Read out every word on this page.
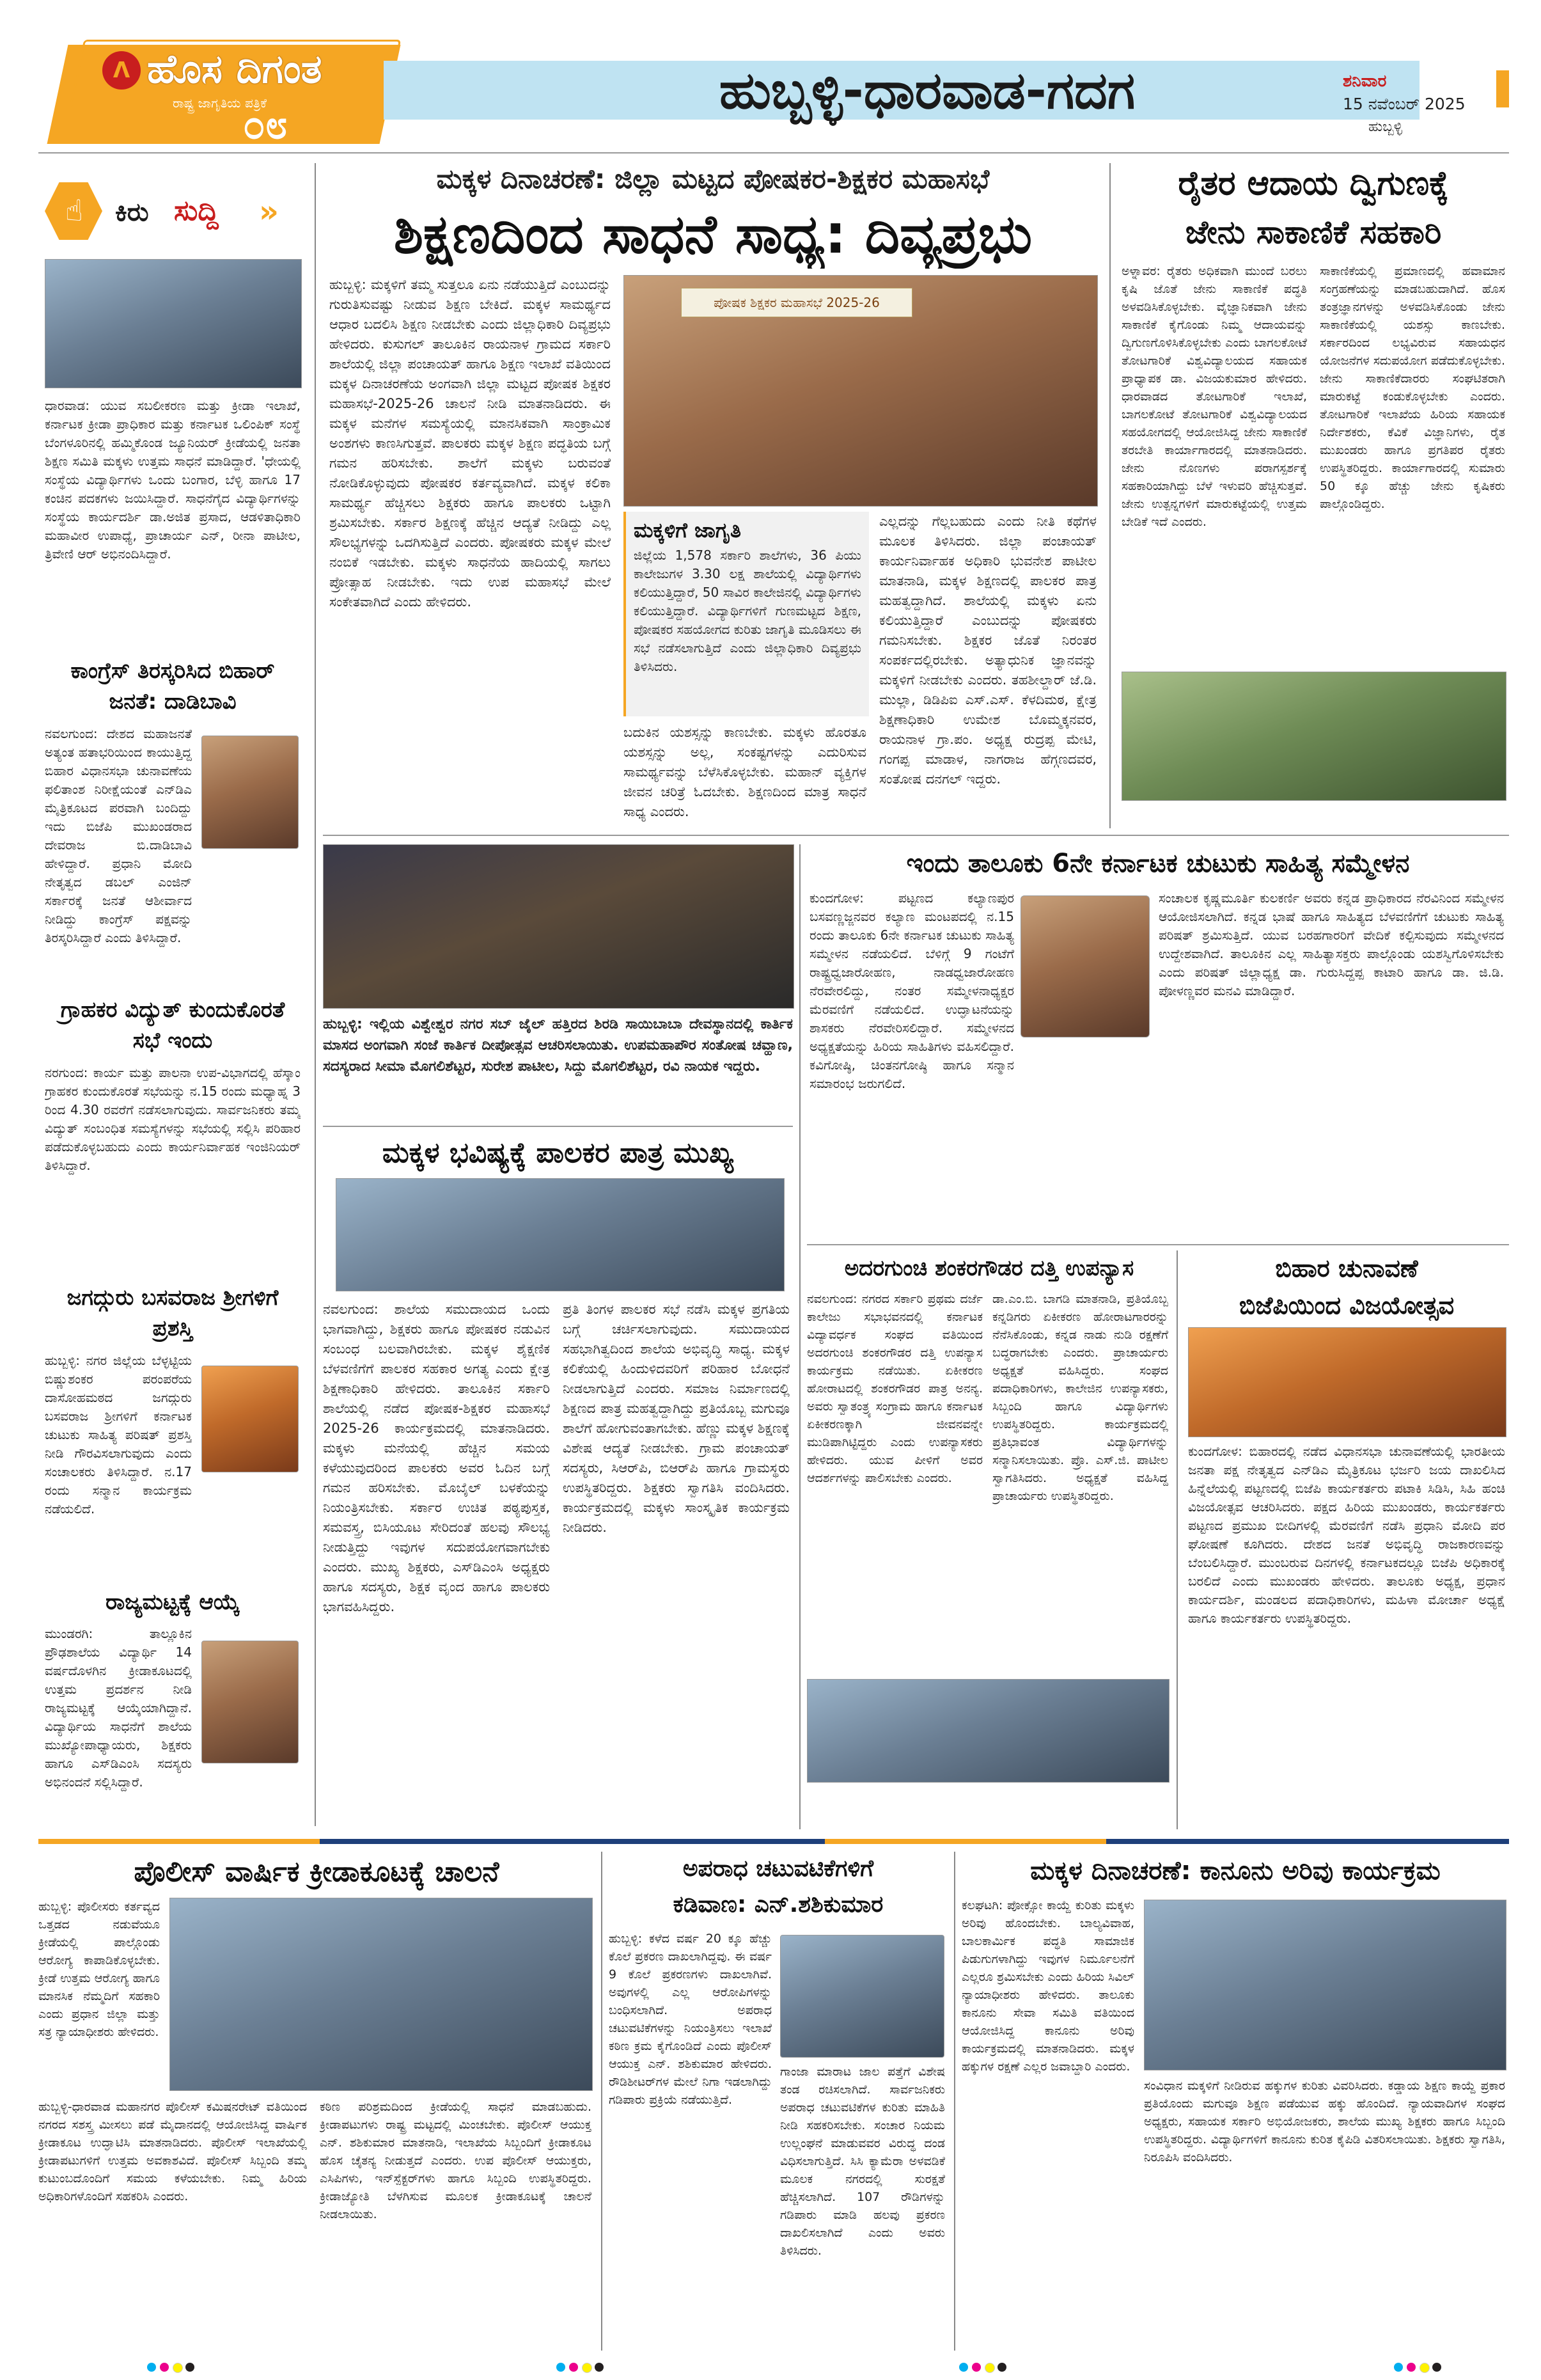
ᐱ ಹೊಸ ದಿಗಂತ
ರಾಷ್ಟ್ರ ಜಾಗೃತಿಯ ಪತ್ರಿಕೆ
೦೮
ಹುಬ್ಬಳ್ಳಿ-ಧಾರವಾಡ-ಗದಗ	ಶನಿವಾರ
15 ನವೆಂಬರ್ 2025
ಹುಬ್ಬಳ್ಳಿ
☝ ಕಿರು ಸುದ್ದಿ	»
ಧಾರವಾಡ: ಯುವ ಸಬಲೀಕರಣ ಮತ್ತು ಕ್ರೀಡಾ ಇಲಾಖೆ, ಕರ್ನಾಟಕ ಕ್ರೀಡಾ ಪ್ರಾಧಿಕಾರ ಮತ್ತು ಕರ್ನಾಟಕ ಒಲಿಂಪಿಕ್ ಸಂಸ್ಥೆ ಬೆಂಗಳೂರಿನಲ್ಲಿ ಹಮ್ಮಿಕೊಂಡ ಜ್ಯೂನಿಯರ್ ಕ್ರೀಡೆಯಲ್ಲಿ ಜನತಾ ಶಿಕ್ಷಣ ಸಮಿತಿ ಮಕ್ಕಳು ಉತ್ತಮ ಸಾಧನೆ ಮಾಡಿದ್ದಾರೆ. 'ಧೇಯಲ್ಲಿ ಸಂಸ್ಥೆಯ ವಿದ್ಯಾರ್ಥಿಗಳು ಒಂದು ಬಂಗಾರ, ಬೆಳ್ಳಿ ಹಾಗೂ 17 ಕಂಚಿನ ಪದಕಗಳು ಜಯಿಸಿದ್ದಾರೆ. ಸಾಧನೆಗೈದ ವಿದ್ಯಾರ್ಥಿಗಳನ್ನು ಸಂಸ್ಥೆಯ ಕಾರ್ಯದರ್ಶಿ ಡಾ.ಅಜಿತ ಪ್ರಸಾದ, ಆಡಳಿತಾಧಿಕಾರಿ ಮಹಾವೀರ ಉಪಾಧ್ಯೆ, ಪ್ರಾಚಾರ್ಯ ಎನ್, ರೀನಾ ಪಾಟೀಲ, ತ್ರಿವೇಣಿ ಆರ್ ಅಭಿನಂದಿಸಿದ್ದಾರೆ.
ಕಾಂಗ್ರೆಸ್ ತಿರಸ್ಕರಿಸಿದ ಬಿಹಾರ್ ಜನತೆ: ದಾಡಿಬಾವಿ
ನವಲಗುಂದ: ದೇಶದ ಮಹಾಜನತೆ ಅತ್ಯಂತ ಹತಾಭರಿಯಿಂದ ಕಾಯುತ್ತಿದ್ದ ಬಿಹಾರ ವಿಧಾನಸಭಾ ಚುನಾವಣೆಯ ಫಲಿತಾಂಶ ನಿರೀಕ್ಷೆಯಂತೆ ಎನ್‌ಡಿಎ ಮೈತ್ರಿಕೂಟದ ಪರವಾಗಿ ಬಂದಿದ್ದು ಇದು ಬಿಜೆಪಿ ಮುಖಂಡರಾದ ದೇವರಾಜ ಬಿ.ದಾಡಿಬಾವಿ ಹೇಳಿದ್ದಾರೆ. ಪ್ರಧಾನಿ ಮೋದಿ ನೇತೃತ್ವದ ಡಬಲ್ ಎಂಜಿನ್ ಸರ್ಕಾರಕ್ಕೆ ಜನತೆ ಆಶೀರ್ವಾದ ನೀಡಿದ್ದು ಕಾಂಗ್ರೆಸ್ ಪಕ್ಷವನ್ನು ತಿರಸ್ಕರಿಸಿದ್ದಾರೆ ಎಂದು ತಿಳಿಸಿದ್ದಾರೆ.
ಗ್ರಾಹಕರ ವಿದ್ಯುತ್ ಕುಂದುಕೊರತೆ ಸಭೆ ಇಂದು
ನರಗುಂದ: ಕಾರ್ಯ ಮತ್ತು ಪಾಲನಾ ಉಪ-ವಿಭಾಗದಲ್ಲಿ ಹೆಸ್ಕಾಂ ಗ್ರಾಹಕರ ಕುಂದುಕೊರತೆ ಸಭೆಯನ್ನು ನ.15 ರಂದು ಮಧ್ಯಾಹ್ನ 3 ರಿಂದ 4.30 ರವರೆಗೆ ನಡೆಸಲಾಗುವುದು. ಸಾರ್ವಜನಿಕರು ತಮ್ಮ ವಿದ್ಯುತ್ ಸಂಬಂಧಿತ ಸಮಸ್ಯೆಗಳನ್ನು ಸಭೆಯಲ್ಲಿ ಸಲ್ಲಿಸಿ ಪರಿಹಾರ ಪಡೆದುಕೊಳ್ಳಬಹುದು ಎಂದು ಕಾರ್ಯನಿರ್ವಾಹಕ ಇಂಜಿನಿಯರ್ ತಿಳಿಸಿದ್ದಾರೆ.
ಜಗದ್ಗುರು ಬಸವರಾಜ ಶ್ರೀಗಳಿಗೆ ಪ್ರಶಸ್ತಿ
ಹುಬ್ಬಳ್ಳಿ: ನಗರ ಜಿಲ್ಲೆಯ ಬೆಳ್ಳಟ್ಟಿಯ ಬಿಷ್ಣುಶಂಕರ ಪರಂಪರೆಯ ದಾಸೋಹಮಠದ ಜಗದ್ಗುರು ಬಸವರಾಜ ಶ್ರೀಗಳಿಗೆ ಕರ್ನಾಟಕ ಚುಟುಕು ಸಾಹಿತ್ಯ ಪರಿಷತ್ ಪ್ರಶಸ್ತಿ ನೀಡಿ ಗೌರವಿಸಲಾಗುವುದು ಎಂದು ಸಂಚಾಲಕರು ತಿಳಿಸಿದ್ದಾರೆ. ನ.17 ರಂದು ಸನ್ಮಾನ ಕಾರ್ಯಕ್ರಮ ನಡೆಯಲಿದೆ.
ರಾಜ್ಯಮಟ್ಟಕ್ಕೆ ಆಯ್ಕೆ
ಮುಂಡರಗಿ: ತಾಲ್ಲೂಕಿನ ಪ್ರೌಢಶಾಲೆಯ ವಿದ್ಯಾರ್ಥಿ 14 ವರ್ಷದೊಳಗಿನ ಕ್ರೀಡಾಕೂಟದಲ್ಲಿ ಉತ್ತಮ ಪ್ರದರ್ಶನ ನೀಡಿ ರಾಜ್ಯಮಟ್ಟಕ್ಕೆ ಆಯ್ಕೆಯಾಗಿದ್ದಾನೆ. ವಿದ್ಯಾರ್ಥಿಯ ಸಾಧನೆಗೆ ಶಾಲೆಯ ಮುಖ್ಯೋಪಾಧ್ಯಾಯರು, ಶಿಕ್ಷಕರು ಹಾಗೂ ಎಸ್‌ಡಿಎಂಸಿ ಸದಸ್ಯರು ಅಭಿನಂದನೆ ಸಲ್ಲಿಸಿದ್ದಾರೆ.
ಮಕ್ಕಳ ದಿನಾಚರಣೆ: ಜಿಲ್ಲಾ ಮಟ್ಟದ ಪೋಷಕರ-ಶಿಕ್ಷಕರ ಮಹಾಸಭೆ
ಶಿಕ್ಷಣದಿಂದ ಸಾಧನೆ ಸಾಧ್ಯ: ದಿವ್ಯಪ್ರಭು
ಹುಬ್ಬಳ್ಳಿ: ಮಕ್ಕಳಿಗೆ ತಮ್ಮ ಸುತ್ತಲೂ ಏನು ನಡೆಯುತ್ತಿದೆ ಎಂಬುದನ್ನು ಗುರುತಿಸುವಷ್ಟು ನೀಡುವ ಶಿಕ್ಷಣ ಬೇಕಿದೆ. ಮಕ್ಕಳ ಸಾಮರ್ಥ್ಯದ ಆಧಾರ ಬದಲಿಸಿ ಶಿಕ್ಷಣ ನೀಡಬೇಕು ಎಂದು ಜಿಲ್ಲಾಧಿಕಾರಿ ದಿವ್ಯಪ್ರಭು ಹೇಳಿದರು. ಕುಸುಗಲ್ ತಾಲೂಕಿನ ರಾಯನಾಳ ಗ್ರಾಮದ ಸರ್ಕಾರಿ ಶಾಲೆಯಲ್ಲಿ ಜಿಲ್ಲಾ ಪಂಚಾಯತ್ ಹಾಗೂ ಶಿಕ್ಷಣ ಇಲಾಖೆ ವತಿಯಿಂದ ಮಕ್ಕಳ ದಿನಾಚರಣೆಯ ಅಂಗವಾಗಿ ಜಿಲ್ಲಾ ಮಟ್ಟದ ಪೋಷಕ ಶಿಕ್ಷಕರ ಮಹಾಸಭೆ-2025-26 ಚಾಲನೆ ನೀಡಿ ಮಾತನಾಡಿದರು. ಈ ಮಕ್ಕಳ ಮನೆಗಳ ಸಮಸ್ಯೆಯಲ್ಲಿ ಮಾನಸಿಕವಾಗಿ ಸಾಂಕ್ರಾಮಿಕ ಅಂಶಗಳು ಕಾಣಸಿಗುತ್ತವೆ. ಪಾಲಕರು ಮಕ್ಕಳ ಶಿಕ್ಷಣ ಪದ್ಧತಿಯ ಬಗ್ಗೆ ಗಮನ ಹರಿಸಬೇಕು. ಶಾಲೆಗೆ ಮಕ್ಕಳು ಬರುವಂತೆ ನೋಡಿಕೊಳ್ಳುವುದು ಪೋಷಕರ ಕರ್ತವ್ಯವಾಗಿದೆ. ಮಕ್ಕಳ ಕಲಿಕಾ ಸಾಮರ್ಥ್ಯ ಹೆಚ್ಚಿಸಲು ಶಿಕ್ಷಕರು ಹಾಗೂ ಪಾಲಕರು ಒಟ್ಟಾಗಿ ಶ್ರಮಿಸಬೇಕು. ಸರ್ಕಾರ ಶಿಕ್ಷಣಕ್ಕೆ ಹೆಚ್ಚಿನ ಆದ್ಯತೆ ನೀಡಿದ್ದು ಎಲ್ಲ ಸೌಲಭ್ಯಗಳನ್ನು ಒದಗಿಸುತ್ತಿದೆ ಎಂದರು. ಪೋಷಕರು ಮಕ್ಕಳ ಮೇಲೆ ನಂಬಿಕೆ ಇಡಬೇಕು. ಮಕ್ಕಳು ಸಾಧನೆಯ ಹಾದಿಯಲ್ಲಿ ಸಾಗಲು ಪ್ರೋತ್ಸಾಹ ನೀಡಬೇಕು. ಇದು ಉಪ ಮಹಾಸಭೆ ಮೇಲೆ ಸಂಕೇತವಾಗಿದೆ ಎಂದು ಹೇಳಿದರು.
ಪೋಷಕ ಶಿಕ್ಷಕರ ಮಹಾಸಭೆ 2025-26
ಮಕ್ಕಳಿಗೆ ಜಾಗೃತಿ
ಜಿಲ್ಲೆಯ 1,578 ಸರ್ಕಾರಿ ಶಾಲೆಗಳು, 36 ಪಿಯು ಕಾಲೇಜುಗಳ 3.30 ಲಕ್ಷ ಶಾಲೆಯಲ್ಲಿ ವಿದ್ಯಾರ್ಥಿಗಳು ಕಲಿಯುತ್ತಿದ್ದಾರೆ, 50 ಸಾವಿರ ಕಾಲೇಜಿನಲ್ಲಿ ವಿದ್ಯಾರ್ಥಿಗಳು ಕಲಿಯುತ್ತಿದ್ದಾರೆ. ವಿದ್ಯಾರ್ಥಿಗಳಿಗೆ ಗುಣಮಟ್ಟದ ಶಿಕ್ಷಣ, ಪೋಷಕರ ಸಹಯೋಗದ ಕುರಿತು ಜಾಗೃತಿ ಮೂಡಿಸಲು ಈ ಸಭೆ ನಡೆಸಲಾಗುತ್ತಿದೆ ಎಂದು ಜಿಲ್ಲಾಧಿಕಾರಿ ದಿವ್ಯಪ್ರಭು ತಿಳಿಸಿದರು.
ಎಲ್ಲದನ್ನು ಗೆಲ್ಲಬಹುದು ಎಂದು ನೀತಿ ಕಥೆಗಳ ಮೂಲಕ ತಿಳಿಸಿದರು. ಜಿಲ್ಲಾ ಪಂಚಾಯತ್ ಕಾರ್ಯನಿರ್ವಾಹಕ ಅಧಿಕಾರಿ ಭುವನೇಶ ಪಾಟೀಲ ಮಾತನಾಡಿ, ಮಕ್ಕಳ ಶಿಕ್ಷಣದಲ್ಲಿ ಪಾಲಕರ ಪಾತ್ರ ಮಹತ್ವದ್ದಾಗಿದೆ. ಶಾಲೆಯಲ್ಲಿ ಮಕ್ಕಳು ಏನು ಕಲಿಯುತ್ತಿದ್ದಾರೆ ಎಂಬುದನ್ನು ಪೋಷಕರು ಗಮನಿಸಬೇಕು. ಶಿಕ್ಷಕರ ಜೊತೆ ನಿರಂತರ ಸಂಪರ್ಕದಲ್ಲಿರಬೇಕು. ಅತ್ಯಾಧುನಿಕ ಜ್ಞಾನವನ್ನು ಮಕ್ಕಳಿಗೆ ನೀಡಬೇಕು ಎಂದರು. ತಹಶೀಲ್ದಾರ್ ಜೆ.ಡಿ. ಮುಲ್ಲಾ, ಡಿಡಿಪಿಐ ಎಸ್.ಎಸ್. ಕೆಳದಿಮಠ, ಕ್ಷೇತ್ರ ಶಿಕ್ಷಣಾಧಿಕಾರಿ ಉಮೇಶ ಬೊಮ್ಮಕ್ಕನವರ, ರಾಯನಾಳ ಗ್ರಾ.ಪಂ. ಅಧ್ಯಕ್ಷ ರುದ್ರಪ್ಪ ಮೇಟಿ, ಗಂಗಪ್ಪ ಮಾಡಾಳ, ನಾಗರಾಜ ಹೆಗ್ಗಣದವರ, ಸಂತೋಷ ದನಗಲ್ ಇದ್ದರು.
ಬದುಕಿನ ಯಶಸ್ಸನ್ನು ಕಾಣಬೇಕು. ಮಕ್ಕಳು ಹೊರತೂ ಯಶಸ್ಸನ್ನು ಅಲ್ಲ, ಸಂಕಷ್ಟಗಳನ್ನು ಎದುರಿಸುವ ಸಾಮರ್ಥ್ಯವನ್ನು ಬೆಳೆಸಿಕೊಳ್ಳಬೇಕು. ಮಹಾನ್ ವ್ಯಕ್ತಿಗಳ ಜೀವನ ಚರಿತ್ರೆ ಓದಬೇಕು. ಶಿಕ್ಷಣದಿಂದ ಮಾತ್ರ ಸಾಧನೆ ಸಾಧ್ಯ ಎಂದರು.
ರೈತರ ಆದಾಯ ದ್ವಿಗುಣಕ್ಕೆ
ಜೇನು ಸಾಕಾಣಿಕೆ ಸಹಕಾರಿ
ಅಳ್ನಾವರ: ರೈತರು ಅಧಿಕವಾಗಿ ಮುಂದೆ ಬರಲು ಕೃಷಿ ಜೊತೆ ಜೇನು ಸಾಕಾಣಿಕೆ ಪದ್ಧತಿ ಅಳವಡಿಸಿಕೊಳ್ಳಬೇಕು. ವೈಜ್ಞಾನಿಕವಾಗಿ ಜೇನು ಸಾಕಾಣಿಕೆ ಕೈಗೊಂಡು ನಿಮ್ಮ ಆದಾಯವನ್ನು ದ್ವಿಗುಣಗೊಳಿಸಿಕೊಳ್ಳಬೇಕು ಎಂದು ಬಾಗಲಕೋಟೆ ತೋಟಗಾರಿಕೆ ವಿಶ್ವವಿದ್ಯಾಲಯದ ಸಹಾಯಕ ಪ್ರಾಧ್ಯಾಪಕ ಡಾ. ವಿಜಯಕುಮಾರ ಹೇಳಿದರು. ಧಾರವಾಡದ ತೋಟಗಾರಿಕೆ ಇಲಾಖೆ, ಬಾಗಲಕೋಟೆ ತೋಟಗಾರಿಕೆ ವಿಶ್ವವಿದ್ಯಾಲಯದ ಸಹಯೋಗದಲ್ಲಿ ಆಯೋಜಿಸಿದ್ದ ಜೇನು ಸಾಕಾಣಿಕೆ ತರಬೇತಿ ಕಾರ್ಯಾಗಾರದಲ್ಲಿ ಮಾತನಾಡಿದರು. ಜೇನು ನೊಣಗಳು ಪರಾಗಸ್ಪರ್ಶಕ್ಕೆ ಸಹಕಾರಿಯಾಗಿದ್ದು ಬೆಳೆ ಇಳುವರಿ ಹೆಚ್ಚಿಸುತ್ತವೆ. ಜೇನು ಉತ್ಪನ್ನಗಳಿಗೆ ಮಾರುಕಟ್ಟೆಯಲ್ಲಿ ಉತ್ತಮ ಬೇಡಿಕೆ ಇದೆ ಎಂದರು.
ಸಾಕಾಣಿಕೆಯಲ್ಲಿ ಪ್ರಮಾಣದಲ್ಲಿ ಹವಾಮಾನ ಸಂಗ್ರಹಣೆಯನ್ನು ಮಾಡಬಹುದಾಗಿದೆ. ಹೊಸ ತಂತ್ರಜ್ಞಾನಗಳನ್ನು ಅಳವಡಿಸಿಕೊಂಡು ಜೇನು ಸಾಕಾಣಿಕೆಯಲ್ಲಿ ಯಶಸ್ಸು ಕಾಣಬೇಕು. ಸರ್ಕಾರದಿಂದ ಲಭ್ಯವಿರುವ ಸಹಾಯಧನ ಯೋಜನೆಗಳ ಸದುಪಯೋಗ ಪಡೆದುಕೊಳ್ಳಬೇಕು. ಜೇನು ಸಾಕಾಣಿಕೆದಾರರು ಸಂಘಟಿತರಾಗಿ ಮಾರುಕಟ್ಟೆ ಕಂಡುಕೊಳ್ಳಬೇಕು ಎಂದರು. ತೋಟಗಾರಿಕೆ ಇಲಾಖೆಯ ಹಿರಿಯ ಸಹಾಯಕ ನಿರ್ದೇಶಕರು, ಕೆವಿಕೆ ವಿಜ್ಞಾನಿಗಳು, ರೈತ ಮುಖಂಡರು ಹಾಗೂ ಪ್ರಗತಿಪರ ರೈತರು ಉಪಸ್ಥಿತರಿದ್ದರು. ಕಾರ್ಯಾಗಾರದಲ್ಲಿ ಸುಮಾರು 50 ಕ್ಕೂ ಹೆಚ್ಚು ಜೇನು ಕೃಷಿಕರು ಪಾಲ್ಗೊಂಡಿದ್ದರು.
ಹುಬ್ಬಳ್ಳಿ: ಇಲ್ಲಿಯ ವಿಶ್ವೇಶ್ವರ ನಗರ ಸಬ್ ಜೈಲ್ ಹತ್ತಿರದ ಶಿರಡಿ ಸಾಯಿಬಾಬಾ ದೇವಸ್ಥಾನದಲ್ಲಿ ಕಾರ್ತಿಕ ಮಾಸದ ಅಂಗವಾಗಿ ಸಂಜೆ ಕಾರ್ತಿಕ ದೀಪೋತ್ಸವ ಆಚರಿಸಲಾಯಿತು. ಉಪಮಹಾಪೌರ ಸಂತೋಷ ಚವ್ಹಾಣ, ಸದಸ್ಯರಾದ ಸೀಮಾ ಮೊಗಲಿಶೆಟ್ಟರ, ಸುರೇಶ ಪಾಟೀಲ, ಸಿದ್ದು ಮೊಗಲಿಶೆಟ್ಟರ, ರವಿ ನಾಯಕ ಇದ್ದರು.
ಮಕ್ಕಳ ಭವಿಷ್ಯಕ್ಕೆ ಪಾಲಕರ ಪಾತ್ರ ಮುಖ್ಯ
ನವಲಗುಂದ: ಶಾಲೆಯ ಸಮುದಾಯದ ಒಂದು ಭಾಗವಾಗಿದ್ದು, ಶಿಕ್ಷಕರು ಹಾಗೂ ಪೋಷಕರ ನಡುವಿನ ಸಂಬಂಧ ಬಲವಾಗಿರಬೇಕು. ಮಕ್ಕಳ ಶೈಕ್ಷಣಿಕ ಬೆಳವಣಿಗೆಗೆ ಪಾಲಕರ ಸಹಕಾರ ಅಗತ್ಯ ಎಂದು ಕ್ಷೇತ್ರ ಶಿಕ್ಷಣಾಧಿಕಾರಿ ಹೇಳಿದರು. ತಾಲೂಕಿನ ಸರ್ಕಾರಿ ಶಾಲೆಯಲ್ಲಿ ನಡೆದ ಪೋಷಕ-ಶಿಕ್ಷಕರ ಮಹಾಸಭೆ 2025-26 ಕಾರ್ಯಕ್ರಮದಲ್ಲಿ ಮಾತನಾಡಿದರು. ಮಕ್ಕಳು ಮನೆಯಲ್ಲಿ ಹೆಚ್ಚಿನ ಸಮಯ ಕಳೆಯುವುದರಿಂದ ಪಾಲಕರು ಅವರ ಓದಿನ ಬಗ್ಗೆ ಗಮನ ಹರಿಸಬೇಕು. ಮೊಬೈಲ್ ಬಳಕೆಯನ್ನು ನಿಯಂತ್ರಿಸಬೇಕು. ಸರ್ಕಾರ ಉಚಿತ ಪಠ್ಯಪುಸ್ತಕ, ಸಮವಸ್ತ್ರ, ಬಿಸಿಯೂಟ ಸೇರಿದಂತೆ ಹಲವು ಸೌಲಭ್ಯ ನೀಡುತ್ತಿದ್ದು ಇವುಗಳ ಸದುಪಯೋಗವಾಗಬೇಕು ಎಂದರು. ಮುಖ್ಯ ಶಿಕ್ಷಕರು, ಎಸ್‌ಡಿಎಂಸಿ ಅಧ್ಯಕ್ಷರು ಹಾಗೂ ಸದಸ್ಯರು, ಶಿಕ್ಷಕ ವೃಂದ ಹಾಗೂ ಪಾಲಕರು ಭಾಗವಹಿಸಿದ್ದರು.
ಪ್ರತಿ ತಿಂಗಳ ಪಾಲಕರ ಸಭೆ ನಡೆಸಿ ಮಕ್ಕಳ ಪ್ರಗತಿಯ ಬಗ್ಗೆ ಚರ್ಚಿಸಲಾಗುವುದು. ಸಮುದಾಯದ ಸಹಭಾಗಿತ್ವದಿಂದ ಶಾಲೆಯ ಅಭಿವೃದ್ಧಿ ಸಾಧ್ಯ. ಮಕ್ಕಳ ಕಲಿಕೆಯಲ್ಲಿ ಹಿಂದುಳಿದವರಿಗೆ ಪರಿಹಾರ ಬೋಧನೆ ನೀಡಲಾಗುತ್ತಿದೆ ಎಂದರು. ಸಮಾಜ ನಿರ್ಮಾಣದಲ್ಲಿ ಶಿಕ್ಷಣದ ಪಾತ್ರ ಮಹತ್ವದ್ದಾಗಿದ್ದು ಪ್ರತಿಯೊಬ್ಬ ಮಗುವೂ ಶಾಲೆಗೆ ಹೋಗುವಂತಾಗಬೇಕು. ಹೆಣ್ಣು ಮಕ್ಕಳ ಶಿಕ್ಷಣಕ್ಕೆ ವಿಶೇಷ ಆದ್ಯತೆ ನೀಡಬೇಕು. ಗ್ರಾಮ ಪಂಚಾಯತ್ ಸದಸ್ಯರು, ಸಿಆರ್‌ಪಿ, ಬಿಆರ್‌ಪಿ ಹಾಗೂ ಗ್ರಾಮಸ್ಥರು ಉಪಸ್ಥಿತರಿದ್ದರು. ಶಿಕ್ಷಕರು ಸ್ವಾಗತಿಸಿ ವಂದಿಸಿದರು. ಕಾರ್ಯಕ್ರಮದಲ್ಲಿ ಮಕ್ಕಳು ಸಾಂಸ್ಕೃತಿಕ ಕಾರ್ಯಕ್ರಮ ನೀಡಿದರು.
ಇಂದು ತಾಲೂಕು 6ನೇ ಕರ್ನಾಟಕ ಚುಟುಕು ಸಾಹಿತ್ಯ ಸಮ್ಮೇಳನ
ಕುಂದಗೋಳ: ಪಟ್ಟಣದ ಕಲ್ಯಾಣಪುರ ಬಸವಣ್ಣಜ್ಜನವರ ಕಲ್ಯಾಣ ಮಂಟಪದಲ್ಲಿ ನ.15 ರಂದು ತಾಲೂಕು 6ನೇ ಕರ್ನಾಟಕ ಚುಟುಕು ಸಾಹಿತ್ಯ ಸಮ್ಮೇಳನ ನಡೆಯಲಿದೆ. ಬೆಳಿಗ್ಗೆ 9 ಗಂಟೆಗೆ ರಾಷ್ಟ್ರಧ್ವಜಾರೋಹಣ, ನಾಡಧ್ವಜಾರೋಹಣ ನೆರವೇರಲಿದ್ದು, ನಂತರ ಸಮ್ಮೇಳನಾಧ್ಯಕ್ಷರ ಮೆರವಣಿಗೆ ನಡೆಯಲಿದೆ. ಉದ್ಘಾಟನೆಯನ್ನು ಶಾಸಕರು ನೆರವೇರಿಸಲಿದ್ದಾರೆ. ಸಮ್ಮೇಳನದ ಅಧ್ಯಕ್ಷತೆಯನ್ನು ಹಿರಿಯ ಸಾಹಿತಿಗಳು ವಹಿಸಲಿದ್ದಾರೆ. ಕವಿಗೋಷ್ಠಿ, ಚಿಂತನಗೋಷ್ಠಿ ಹಾಗೂ ಸನ್ಮಾನ ಸಮಾರಂಭ ಜರುಗಲಿದೆ.
ಸಂಚಾಲಕ ಕೃಷ್ಣಮೂರ್ತಿ ಕುಲಕರ್ಣಿ ಅವರು ಕನ್ನಡ ಪ್ರಾಧಿಕಾರದ ನೆರವಿನಿಂದ ಸಮ್ಮೇಳನ ಆಯೋಜಿಸಲಾಗಿದೆ. ಕನ್ನಡ ಭಾಷೆ ಹಾಗೂ ಸಾಹಿತ್ಯದ ಬೆಳವಣಿಗೆಗೆ ಚುಟುಕು ಸಾಹಿತ್ಯ ಪರಿಷತ್ ಶ್ರಮಿಸುತ್ತಿದೆ. ಯುವ ಬರಹಗಾರರಿಗೆ ವೇದಿಕೆ ಕಲ್ಪಿಸುವುದು ಸಮ್ಮೇಳನದ ಉದ್ದೇಶವಾಗಿದೆ. ತಾಲೂಕಿನ ಎಲ್ಲ ಸಾಹಿತ್ಯಾಸಕ್ತರು ಪಾಲ್ಗೊಂಡು ಯಶಸ್ವಿಗೊಳಿಸಬೇಕು ಎಂದು ಪರಿಷತ್ ಜಿಲ್ಲಾಧ್ಯಕ್ಷ ಡಾ. ಗುರುಸಿದ್ದಪ್ಪ ಕಾಟಾರಿ ಹಾಗೂ ಡಾ. ಜಿ.ಡಿ. ಪೋಳಣ್ಣವರ ಮನವಿ ಮಾಡಿದ್ದಾರೆ.
ಅದರಗುಂಚಿ ಶಂಕರಗೌಡರ ದತ್ತಿ ಉಪನ್ಯಾಸ
ನವಲಗುಂದ: ನಗರದ ಸರ್ಕಾರಿ ಪ್ರಥಮ ದರ್ಜೆ ಕಾಲೇಜು ಸಭಾಭವನದಲ್ಲಿ ಕರ್ನಾಟಕ ವಿದ್ಯಾವರ್ಧಕ ಸಂಘದ ವತಿಯಿಂದ ಅದರಗುಂಚಿ ಶಂಕರಗೌಡರ ದತ್ತಿ ಉಪನ್ಯಾಸ ಕಾರ್ಯಕ್ರಮ ನಡೆಯಿತು. ಏಕೀಕರಣ ಹೋರಾಟದಲ್ಲಿ ಶಂಕರಗೌಡರ ಪಾತ್ರ ಅನನ್ಯ. ಅವರು ಸ್ವಾತಂತ್ರ್ಯ ಸಂಗ್ರಾಮ ಹಾಗೂ ಕರ್ನಾಟಕ ಏಕೀಕರಣಕ್ಕಾಗಿ ಜೀವನವನ್ನೇ ಮುಡಿಪಾಗಿಟ್ಟಿದ್ದರು ಎಂದು ಉಪನ್ಯಾಸಕರು ಹೇಳಿದರು. ಯುವ ಪೀಳಿಗೆ ಅವರ ಆದರ್ಶಗಳನ್ನು ಪಾಲಿಸಬೇಕು ಎಂದರು.
ಡಾ.ಎಂ.ಬಿ. ಬಾಗಡಿ ಮಾತನಾಡಿ, ಪ್ರತಿಯೊಬ್ಬ ಕನ್ನಡಿಗರು ಏಕೀಕರಣ ಹೋರಾಟಗಾರರನ್ನು ನೆನೆಸಿಕೊಂಡು, ಕನ್ನಡ ನಾಡು ನುಡಿ ರಕ್ಷಣೆಗೆ ಬದ್ಧರಾಗಬೇಕು ಎಂದರು. ಪ್ರಾಚಾರ್ಯರು ಅಧ್ಯಕ್ಷತೆ ವಹಿಸಿದ್ದರು. ಸಂಘದ ಪದಾಧಿಕಾರಿಗಳು, ಕಾಲೇಜಿನ ಉಪನ್ಯಾಸಕರು, ಸಿಬ್ಬಂದಿ ಹಾಗೂ ವಿದ್ಯಾರ್ಥಿಗಳು ಉಪಸ್ಥಿತರಿದ್ದರು. ಕಾರ್ಯಕ್ರಮದಲ್ಲಿ ಪ್ರತಿಭಾವಂತ ವಿದ್ಯಾರ್ಥಿಗಳನ್ನು ಸನ್ಮಾನಿಸಲಾಯಿತು. ಪ್ರೊ. ಎಸ್.ಜಿ. ಪಾಟೀಲ ಸ್ವಾಗತಿಸಿದರು. ಅಧ್ಯಕ್ಷತೆ ವಹಿಸಿದ್ದ ಪ್ರಾಚಾರ್ಯರು ಉಪಸ್ಥಿತರಿದ್ದರು.
ಬಿಹಾರ ಚುನಾವಣೆ
ಬಿಜೆಪಿಯಿಂದ ವಿಜಯೋತ್ಸವ
ಕುಂದಗೋಳ: ಬಿಹಾರದಲ್ಲಿ ನಡೆದ ವಿಧಾನಸಭಾ ಚುನಾವಣೆಯಲ್ಲಿ ಭಾರತೀಯ ಜನತಾ ಪಕ್ಷ ನೇತೃತ್ವದ ಎನ್‌ಡಿಎ ಮೈತ್ರಿಕೂಟ ಭರ್ಜರಿ ಜಯ ದಾಖಲಿಸಿದ ಹಿನ್ನೆಲೆಯಲ್ಲಿ ಪಟ್ಟಣದಲ್ಲಿ ಬಿಜೆಪಿ ಕಾರ್ಯಕರ್ತರು ಪಟಾಕಿ ಸಿಡಿಸಿ, ಸಿಹಿ ಹಂಚಿ ವಿಜಯೋತ್ಸವ ಆಚರಿಸಿದರು. ಪಕ್ಷದ ಹಿರಿಯ ಮುಖಂಡರು, ಕಾರ್ಯಕರ್ತರು ಪಟ್ಟಣದ ಪ್ರಮುಖ ಬೀದಿಗಳಲ್ಲಿ ಮೆರವಣಿಗೆ ನಡೆಸಿ ಪ್ರಧಾನಿ ಮೋದಿ ಪರ ಘೋಷಣೆ ಕೂಗಿದರು. ದೇಶದ ಜನತೆ ಅಭಿವೃದ್ಧಿ ರಾಜಕಾರಣವನ್ನು ಬೆಂಬಲಿಸಿದ್ದಾರೆ. ಮುಂಬರುವ ದಿನಗಳಲ್ಲಿ ಕರ್ನಾಟಕದಲ್ಲೂ ಬಿಜೆಪಿ ಅಧಿಕಾರಕ್ಕೆ ಬರಲಿದೆ ಎಂದು ಮುಖಂಡರು ಹೇಳಿದರು. ತಾಲೂಕು ಅಧ್ಯಕ್ಷ, ಪ್ರಧಾನ ಕಾರ್ಯದರ್ಶಿ, ಮಂಡಲದ ಪದಾಧಿಕಾರಿಗಳು, ಮಹಿಳಾ ಮೋರ್ಚಾ ಅಧ್ಯಕ್ಷೆ ಹಾಗೂ ಕಾರ್ಯಕರ್ತರು ಉಪಸ್ಥಿತರಿದ್ದರು.
ಪೊಲೀಸ್ ವಾರ್ಷಿಕ ಕ್ರೀಡಾಕೂಟಕ್ಕೆ ಚಾಲನೆ
ಹುಬ್ಬಳ್ಳಿ: ಪೊಲೀಸರು ಕರ್ತವ್ಯದ ಒತ್ತಡದ ನಡುವೆಯೂ ಕ್ರೀಡೆಯಲ್ಲಿ ಪಾಲ್ಗೊಂಡು ಆರೋಗ್ಯ ಕಾಪಾಡಿಕೊಳ್ಳಬೇಕು. ಕ್ರೀಡೆ ಉತ್ತಮ ಆರೋಗ್ಯ ಹಾಗೂ ಮಾನಸಿಕ ನೆಮ್ಮದಿಗೆ ಸಹಕಾರಿ ಎಂದು ಪ್ರಧಾನ ಜಿಲ್ಲಾ ಮತ್ತು ಸತ್ರ ನ್ಯಾಯಾಧೀಶರು ಹೇಳಿದರು.
ಹುಬ್ಬಳ್ಳಿ-ಧಾರವಾಡ ಮಹಾನಗರ ಪೊಲೀಸ್ ಕಮಿಷನರೇಟ್ ವತಿಯಿಂದ ನಗರದ ಸಶಸ್ತ್ರ ಮೀಸಲು ಪಡೆ ಮೈದಾನದಲ್ಲಿ ಆಯೋಜಿಸಿದ್ದ ವಾರ್ಷಿಕ ಕ್ರೀಡಾಕೂಟ ಉದ್ಘಾಟಿಸಿ ಮಾತನಾಡಿದರು. ಪೊಲೀಸ್ ಇಲಾಖೆಯಲ್ಲಿ ಕ್ರೀಡಾಪಟುಗಳಿಗೆ ಉತ್ತಮ ಅವಕಾಶವಿದೆ. ಪೊಲೀಸ್ ಸಿಬ್ಬಂದಿ ತಮ್ಮ ಕುಟುಂಬದೊಂದಿಗೆ ಸಮಯ ಕಳೆಯಬೇಕು. ನಿಮ್ಮ ಹಿರಿಯ ಅಧಿಕಾರಿಗಳೊಂದಿಗೆ ಸಹಕರಿಸಿ ಎಂದರು.
ಕಠಿಣ ಪರಿಶ್ರಮದಿಂದ ಕ್ರೀಡೆಯಲ್ಲಿ ಸಾಧನೆ ಮಾಡಬಹುದು. ಕ್ರೀಡಾಪಟುಗಳು ರಾಷ್ಟ್ರ ಮಟ್ಟದಲ್ಲಿ ಮಿಂಚಬೇಕು. ಪೊಲೀಸ್ ಆಯುಕ್ತ ಎನ್. ಶಶಿಕುಮಾರ ಮಾತನಾಡಿ, ಇಲಾಖೆಯ ಸಿಬ್ಬಂದಿಗೆ ಕ್ರೀಡಾಕೂಟ ಹೊಸ ಚೈತನ್ಯ ನೀಡುತ್ತದೆ ಎಂದರು. ಉಪ ಪೊಲೀಸ್ ಆಯುಕ್ತರು, ಎಸಿಪಿಗಳು, ಇನ್‌ಸ್ಪೆಕ್ಟರ್‌ಗಳು ಹಾಗೂ ಸಿಬ್ಬಂದಿ ಉಪಸ್ಥಿತರಿದ್ದರು. ಕ್ರೀಡಾಜ್ಯೋತಿ ಬೆಳಗಿಸುವ ಮೂಲಕ ಕ್ರೀಡಾಕೂಟಕ್ಕೆ ಚಾಲನೆ ನೀಡಲಾಯಿತು.
ಅಪರಾಧ ಚಟುವಟಿಕೆಗಳಿಗೆ
ಕಡಿವಾಣ: ಎನ್.ಶಶಿಕುಮಾರ
ಹುಬ್ಬಳ್ಳಿ: ಕಳೆದ ವರ್ಷ 20 ಕ್ಕೂ ಹೆಚ್ಚು ಕೊಲೆ ಪ್ರಕರಣ ದಾಖಲಾಗಿದ್ದವು. ಈ ವರ್ಷ 9 ಕೊಲೆ ಪ್ರಕರಣಗಳು ದಾಖಲಾಗಿವೆ. ಅವುಗಳಲ್ಲಿ ಎಲ್ಲ ಆರೋಪಿಗಳನ್ನು ಬಂಧಿಸಲಾಗಿದೆ. ಅಪರಾಧ ಚಟುವಟಿಕೆಗಳನ್ನು ನಿಯಂತ್ರಿಸಲು ಇಲಾಖೆ ಕಠಿಣ ಕ್ರಮ ಕೈಗೊಂಡಿದೆ ಎಂದು ಪೊಲೀಸ್ ಆಯುಕ್ತ ಎನ್. ಶಶಿಕುಮಾರ ಹೇಳಿದರು. ರೌಡಿಶೀಟರ್‌ಗಳ ಮೇಲೆ ನಿಗಾ ಇಡಲಾಗಿದ್ದು ಗಡಿಪಾರು ಪ್ರಕ್ರಿಯೆ ನಡೆಯುತ್ತಿದೆ.
ಗಾಂಜಾ ಮಾರಾಟ ಜಾಲ ಪತ್ತೆಗೆ ವಿಶೇಷ ತಂಡ ರಚಿಸಲಾಗಿದೆ. ಸಾರ್ವಜನಿಕರು ಅಪರಾಧ ಚಟುವಟಿಕೆಗಳ ಕುರಿತು ಮಾಹಿತಿ ನೀಡಿ ಸಹಕರಿಸಬೇಕು. ಸಂಚಾರ ನಿಯಮ ಉಲ್ಲಂಘನೆ ಮಾಡುವವರ ವಿರುದ್ಧ ದಂಡ ವಿಧಿಸಲಾಗುತ್ತಿದೆ. ಸಿಸಿ ಕ್ಯಾಮೆರಾ ಅಳವಡಿಕೆ ಮೂಲಕ ನಗರದಲ್ಲಿ ಸುರಕ್ಷತೆ ಹೆಚ್ಚಿಸಲಾಗಿದೆ. 107 ರೌಡಿಗಳನ್ನು ಗಡಿಪಾರು ಮಾಡಿ ಹಲವು ಪ್ರಕರಣ ದಾಖಲಿಸಲಾಗಿದೆ ಎಂದು ಅವರು ತಿಳಿಸಿದರು.
ಮಕ್ಕಳ ದಿನಾಚರಣೆ: ಕಾನೂನು ಅರಿವು ಕಾರ್ಯಕ್ರಮ
ಕಲಘಟಗಿ: ಪೋಕ್ಸೋ ಕಾಯ್ದೆ ಕುರಿತು ಮಕ್ಕಳು ಅರಿವು ಹೊಂದಬೇಕು. ಬಾಲ್ಯವಿವಾಹ, ಬಾಲಕಾರ್ಮಿಕ ಪದ್ಧತಿ ಸಾಮಾಜಿಕ ಪಿಡುಗುಗಳಾಗಿದ್ದು ಇವುಗಳ ನಿರ್ಮೂಲನೆಗೆ ಎಲ್ಲರೂ ಶ್ರಮಿಸಬೇಕು ಎಂದು ಹಿರಿಯ ಸಿವಿಲ್ ನ್ಯಾಯಾಧೀಶರು ಹೇಳಿದರು. ತಾಲೂಕು ಕಾನೂನು ಸೇವಾ ಸಮಿತಿ ವತಿಯಿಂದ ಆಯೋಜಿಸಿದ್ದ ಕಾನೂನು ಅರಿವು ಕಾರ್ಯಕ್ರಮದಲ್ಲಿ ಮಾತನಾಡಿದರು. ಮಕ್ಕಳ ಹಕ್ಕುಗಳ ರಕ್ಷಣೆ ಎಲ್ಲರ ಜವಾಬ್ದಾರಿ ಎಂದರು.
ಸಂವಿಧಾನ ಮಕ್ಕಳಿಗೆ ನೀಡಿರುವ ಹಕ್ಕುಗಳ ಕುರಿತು ವಿವರಿಸಿದರು. ಕಡ್ಡಾಯ ಶಿಕ್ಷಣ ಕಾಯ್ದೆ ಪ್ರಕಾರ ಪ್ರತಿಯೊಂದು ಮಗುವೂ ಶಿಕ್ಷಣ ಪಡೆಯುವ ಹಕ್ಕು ಹೊಂದಿದೆ. ನ್ಯಾಯವಾದಿಗಳ ಸಂಘದ ಅಧ್ಯಕ್ಷರು, ಸಹಾಯಕ ಸರ್ಕಾರಿ ಅಭಿಯೋಜಕರು, ಶಾಲೆಯ ಮುಖ್ಯ ಶಿಕ್ಷಕರು ಹಾಗೂ ಸಿಬ್ಬಂದಿ ಉಪಸ್ಥಿತರಿದ್ದರು. ವಿದ್ಯಾರ್ಥಿಗಳಿಗೆ ಕಾನೂನು ಕುರಿತ ಕೈಪಿಡಿ ವಿತರಿಸಲಾಯಿತು. ಶಿಕ್ಷಕರು ಸ್ವಾಗತಿಸಿ, ನಿರೂಪಿಸಿ ವಂದಿಸಿದರು.
